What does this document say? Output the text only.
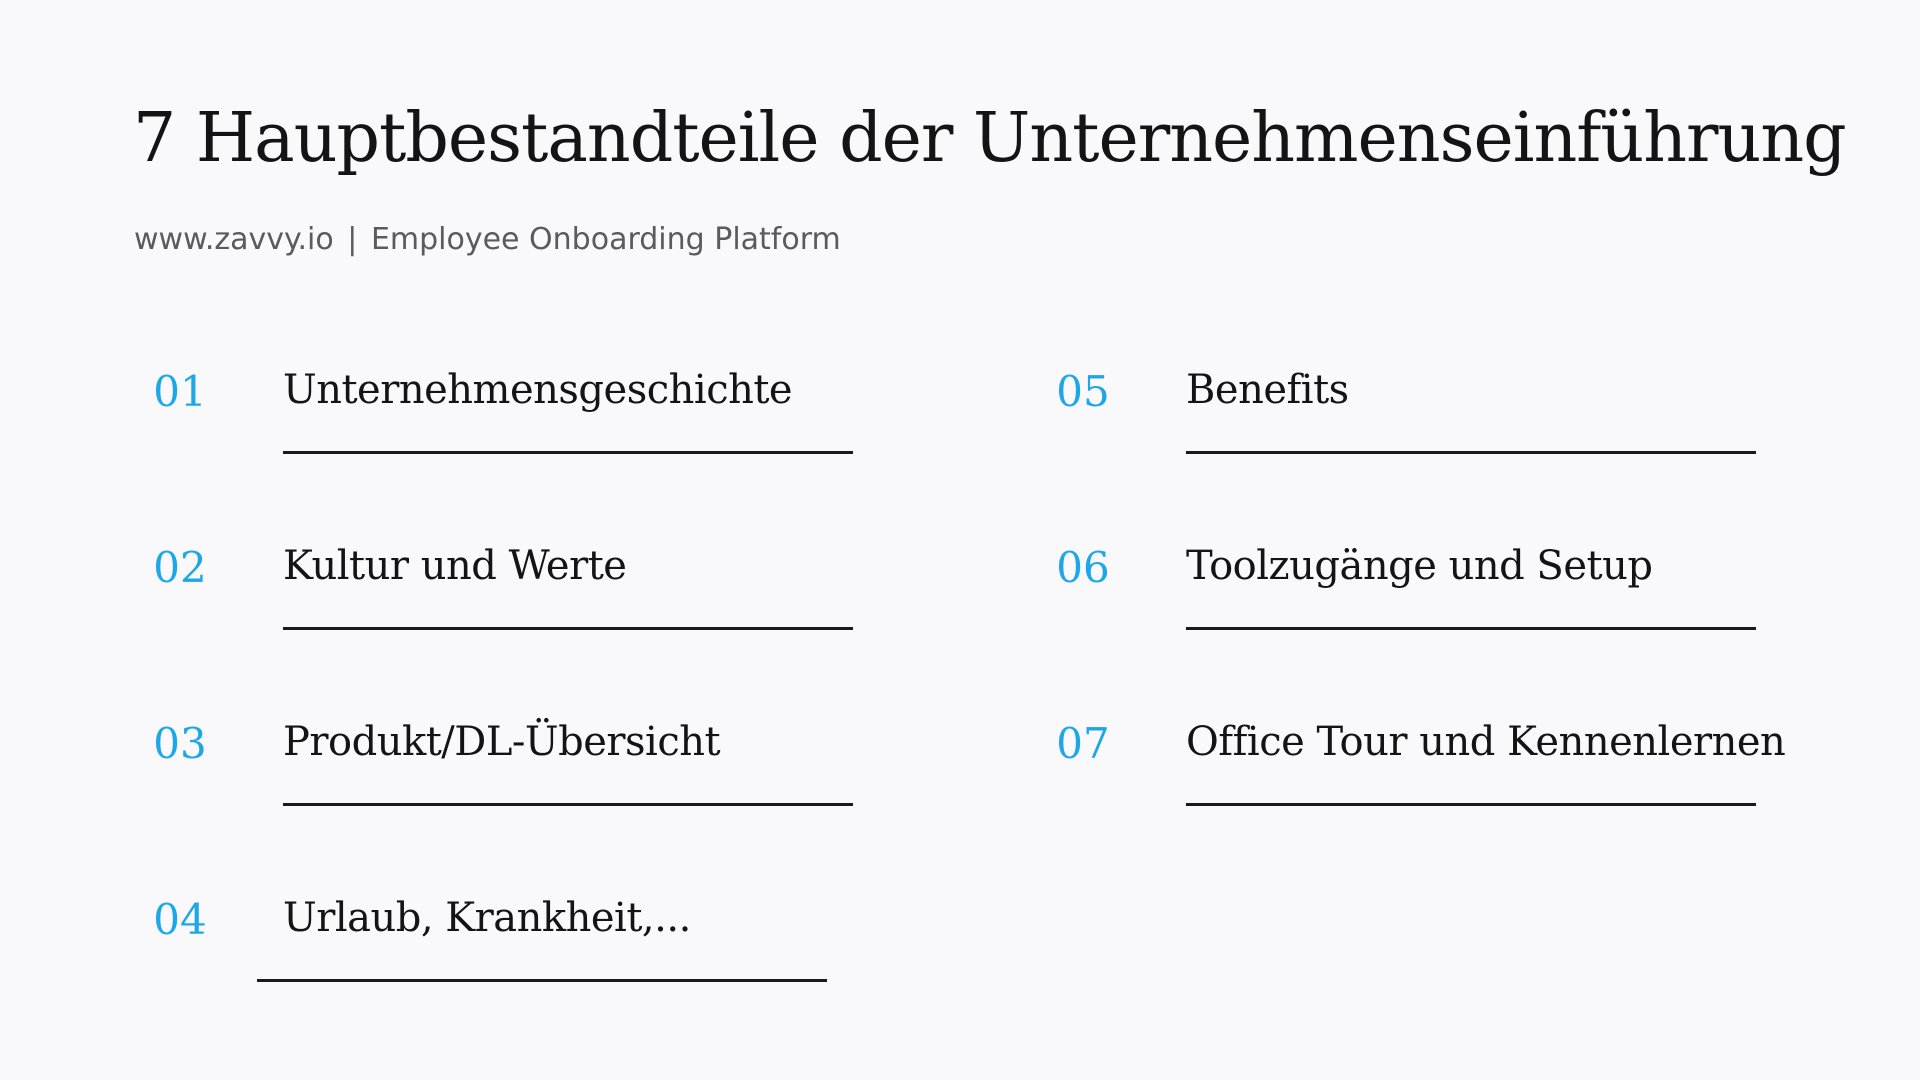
7 Hauptbestandteile der Unternehmenseinführung
www.zavvy.io | Employee Onboarding Platform
01	Unternehmensgeschichte
02	Kultur und Werte
03	Produkt/DL-Übersicht
04	Urlaub, Krankheit,...
05	Benefits
06	Toolzugänge und Setup
07	Office Tour und Kennenlernen
